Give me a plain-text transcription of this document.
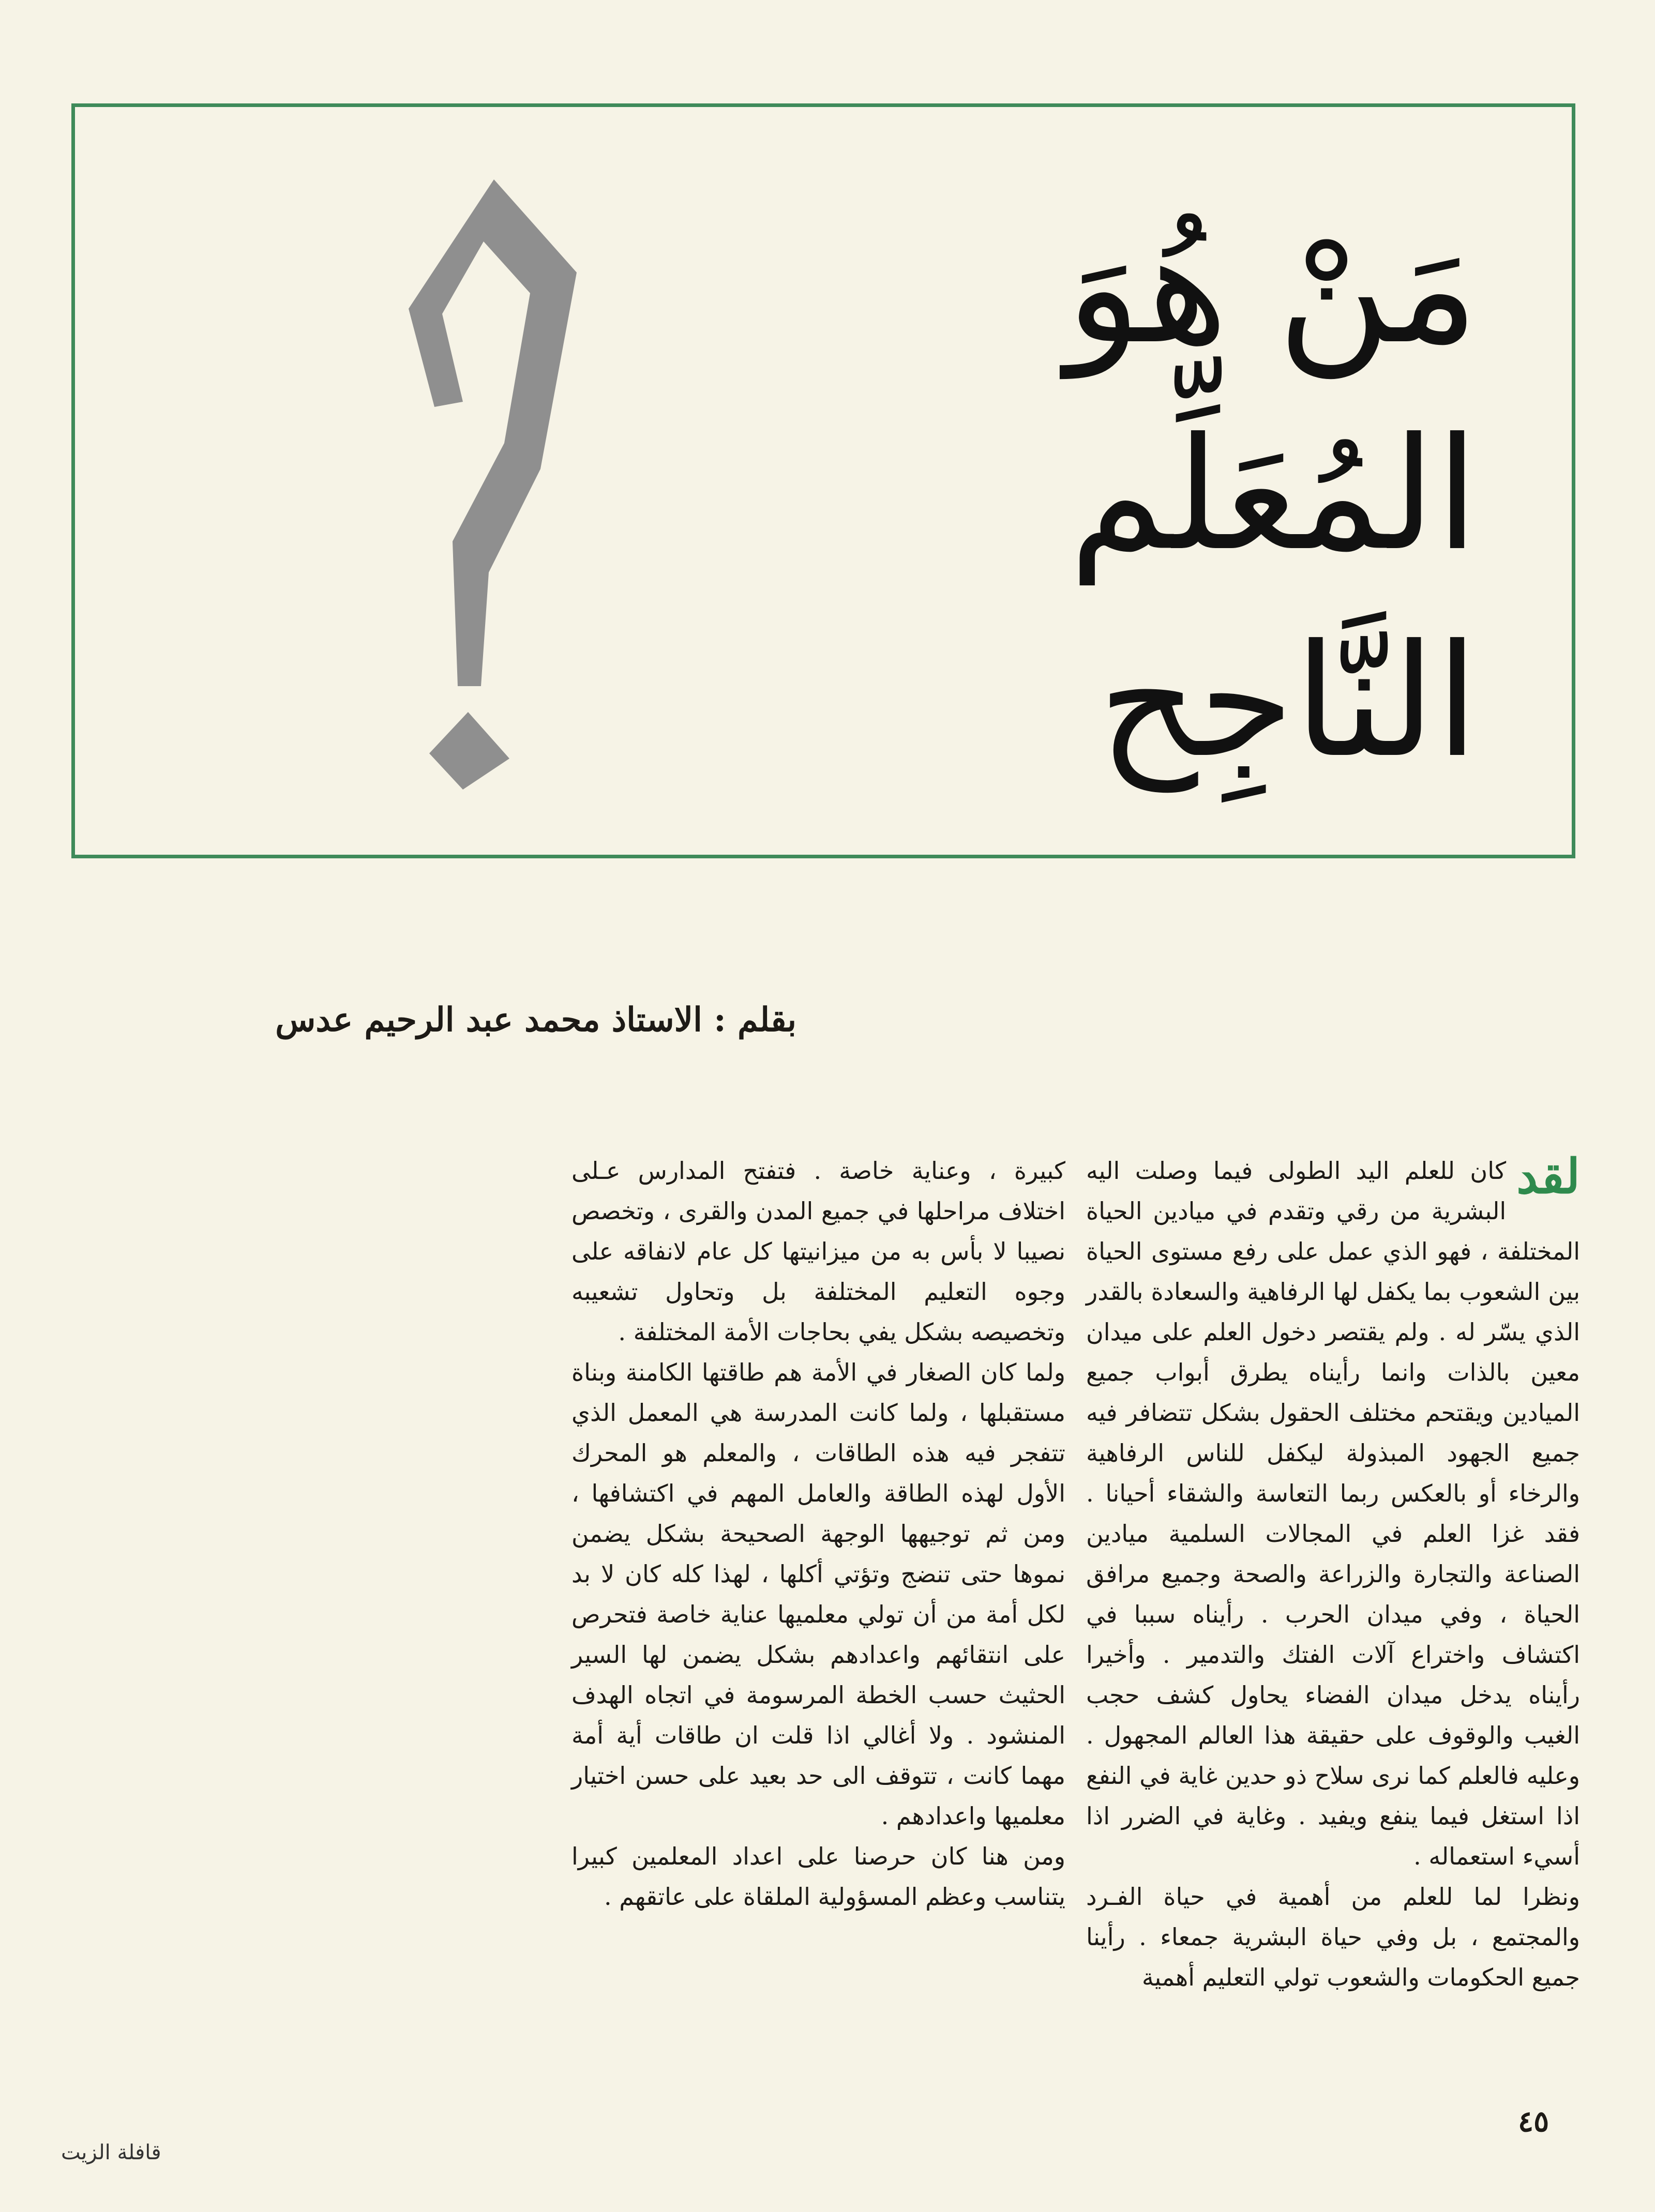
مَنْ هُوَ
المُعَلِّم
النَّاجِح
بقلم : الاستاذ محمد عبد الرحيم عدس
لقد

كان للعلم اليد الطولى فيما وصلت اليه البشرية من رقي وتقدم في ميادين الحياة المختلفة ، فهو الذي عمل على رفع مستوى الحياة بين الشعوب بما يكفل لها الرفاهية والسعادة بالقدر الذي يسّر له . ولم يقتصر دخول العلم على ميدان معين بالذات وانما رأيناه يطرق أبواب جميع الميادين ويقتحم مختلف الحقول بشكل تتضافر فيه جميع الجهود المبذولة ليكفل للناس الرفاهية والرخاء أو بالعكس ربما التعاسة والشقاء أحيانا . فقد غزا العلم في المجالات السلمية ميادين الصناعة والتجارة والزراعة والصحة وجميع مرافق الحياة ، وفي ميدان الحرب . رأيناه سببا في اكتشاف واختراع آلات الفتك والتدمير . وأخيرا رأيناه يدخل ميدان الفضاء يحاول كشف حجب الغيب والوقوف على حقيقة هذا العالم المجهول . وعليه فالعلم كما نرى سلاح ذو حدين غاية في النفع اذا استغل فيما ينفع ويفيد . وغاية في الضرر اذا أسيء استعماله .

ونظرا لما للعلم من أهمية في حياة الفـرد والمجتمع ، بل وفي حياة البشرية جمعاء . رأينا جميع الحكومات والشعوب تولي التعليم أهمية

كبيرة ، وعناية خاصة . فتفتح المدارس عـلى اختلاف مراحلها في جميع المدن والقرى ، وتخصص نصيبا لا بأس به من ميزانيتها كل عام لانفاقه على وجوه التعليم المختلفة بل وتحاول تشعيبه وتخصيصه بشكل يفي بحاجات الأمة المختلفة .

ولما كان الصغار في الأمة هم طاقتها الكامنة وبناة مستقبلها ، ولما كانت المدرسة هي المعمل الذي تتفجر فيه هذه الطاقات ، والمعلم هو المحرك الأول لهذه الطاقة والعامل المهم في اكتشافها ، ومن ثم توجيهها الوجهة الصحيحة بشكل يضمن نموها حتى تنضج وتؤتي أكلها ، لهذا كله كان لا بد لكل أمة من أن تولي معلميها عناية خاصة فتحرص على انتقائهم واعدادهم بشكل يضمن لها السير الحثيث حسب الخطة المرسومة في اتجاه الهدف المنشود . ولا أغالي اذا قلت ان طاقات أية أمة مهما كانت ، تتوقف الى حد بعيد على حسن اختيار معلميها واعدادهم .

ومن هنا كان حرصنا على اعداد المعلمين كبيرا يتناسب وعظم المسؤولية الملقاة على عاتقهم .

٤٥
قافلة الزيت
